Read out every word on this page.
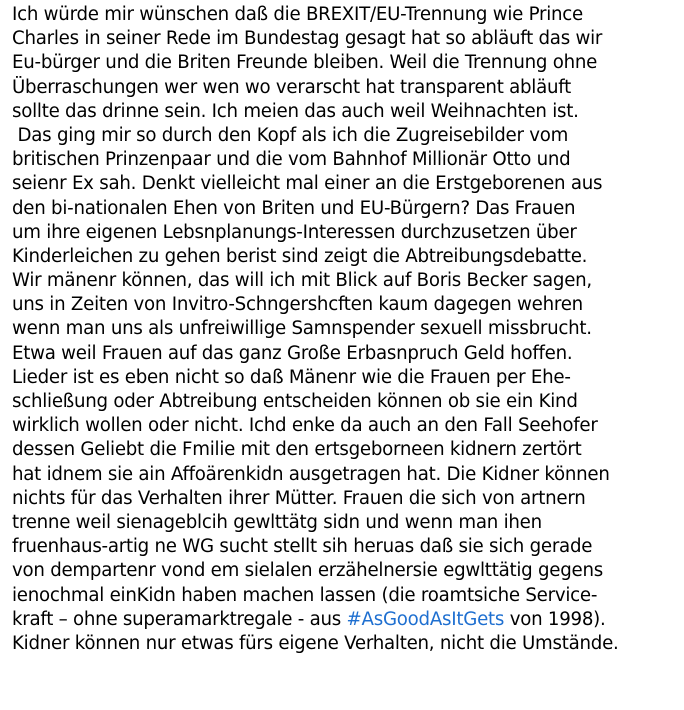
Ich würde mir wünschen daß die BREXIT/EU-Trennung wie Prince
Charles in seiner Rede im Bundestag gesagt hat so abläuft das wir
Eu-bürger und die Briten Freunde bleiben. Weil die Trennung ohne
Überraschungen wer wen wo verarscht hat transparent abläuft
sollte das drinne sein. Ich meien das auch weil Weihnachten ist.
Das ging mir so durch den Kopf als ich die Zugreisebilder vom
britischen Prinzenpaar und die vom Bahnhof Millionär Otto und
seienr Ex sah. Denkt vielleicht mal einer an die Erstgeborenen aus
den bi-nationalen Ehen von Briten und EU-Bürgern? Das Frauen
um ihre eigenen Lebsnplanungs-Interessen durchzusetzen über
Kinderleichen zu gehen berist sind zeigt die Abtreibungsdebatte.
Wir mänenr können, das will ich mit Blick auf Boris Becker sagen,
uns in Zeiten von Invitro-Schngershcften kaum dagegen wehren
wenn man uns als unfreiwillige Samnspender sexuell missbrucht.
Etwa weil Frauen auf das ganz Große Erbasnpruch Geld hoffen.
Lieder ist es eben nicht so daß Mänenr wie die Frauen per Ehe-
schließung oder Abtreibung entscheiden können ob sie ein Kind
wirklich wollen oder nicht. Ichd enke da auch an den Fall Seehofer
dessen Geliebt die Fmilie mit den ertsgeborneen kidnern zertört
hat idnem sie ain Affoärenkidn ausgetragen hat. Die Kidner können
nichts für das Verhalten ihrer Mütter. Frauen die sich von artnern
trenne weil sienageblcih gewlttätg sidn und wenn man ihen
fruenhaus-artig ne WG sucht stellt sih heruas daß sie sich gerade
von dempartenr vond em sielalen erzähelnersie egwlttätig gegens
ienochmal einKidn haben machen lassen (die roamtsiche Service-
kraft – ohne superamarktregale - aus #AsGoodAsItGets von 1998).
Kidner können nur etwas fürs eigene Verhalten, nicht die Umstände.
